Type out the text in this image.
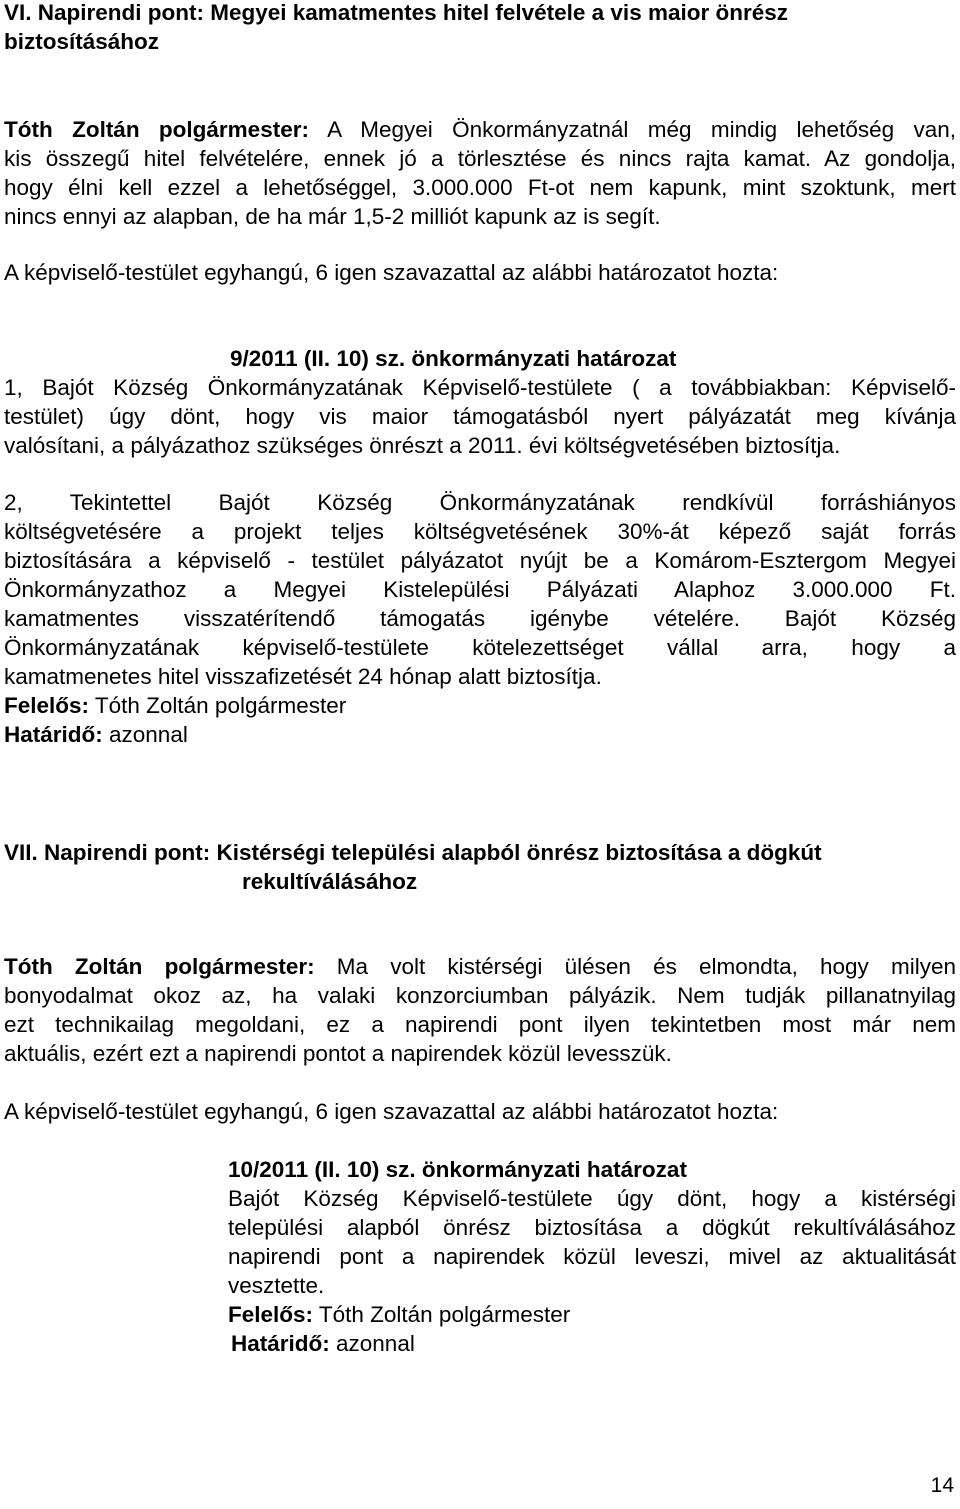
VI. Napirendi pont: Megyei kamatmentes hitel felvétele a vis maior önrész
biztosításához
Tóth Zoltán polgármester: A Megyei Önkormányzatnál még mindig lehetőség van,
kis összegű hitel felvételére, ennek jó a törlesztése és nincs rajta kamat. Az gondolja,
hogy élni kell ezzel a lehetőséggel, 3.000.000 Ft-ot nem kapunk, mint szoktunk, mert
nincs ennyi az alapban, de ha már 1,5-2 milliót kapunk az is segít.
A képviselő-testület egyhangú, 6 igen szavazattal az alábbi határozatot hozta:
9/2011 (II. 10) sz. önkormányzati határozat
1, Bajót Község Önkormányzatának Képviselő-testülete ( a továbbiakban: Képviselő-
testület) úgy dönt, hogy vis maior támogatásból nyert pályázatát meg kívánja
valósítani, a pályázathoz szükséges önrészt a 2011. évi költségvetésében biztosítja.
2, Tekintettel Bajót Község Önkormányzatának rendkívül forráshiányos
költségvetésére a projekt teljes költségvetésének 30%-át képező saját forrás
biztosítására a képviselő - testület pályázatot nyújt be a Komárom-Esztergom Megyei
Önkormányzathoz a Megyei Kistelepülési Pályázati Alaphoz 3.000.000 Ft.
kamatmentes visszatérítendő támogatás igénybe vételére. Bajót Község
Önkormányzatának képviselő-testülete kötelezettséget vállal arra, hogy a
kamatmenetes hitel visszafizetését 24 hónap alatt biztosítja.
Felelős: Tóth Zoltán polgármester
Határidő: azonnal
VII. Napirendi pont: Kistérségi települési alapból önrész biztosítása a dögkút
rekultíválásához
Tóth Zoltán polgármester: Ma volt kistérségi ülésen és elmondta, hogy milyen
bonyodalmat okoz az, ha valaki konzorciumban pályázik. Nem tudják pillanatnyilag
ezt technikailag megoldani, ez a napirendi pont ilyen tekintetben most már nem
aktuális, ezért ezt a napirendi pontot a napirendek közül levesszük.
A képviselő-testület egyhangú, 6 igen szavazattal az alábbi határozatot hozta:
10/2011 (II. 10) sz. önkormányzati határozat
Bajót Község Képviselő-testülete úgy dönt, hogy a kistérségi
települési alapból önrész biztosítása a dögkút rekultíválásához
napirendi pont a napirendek közül leveszi, mivel az aktualitását
vesztette.
Felelős: Tóth Zoltán polgármester
Határidő: azonnal
14
